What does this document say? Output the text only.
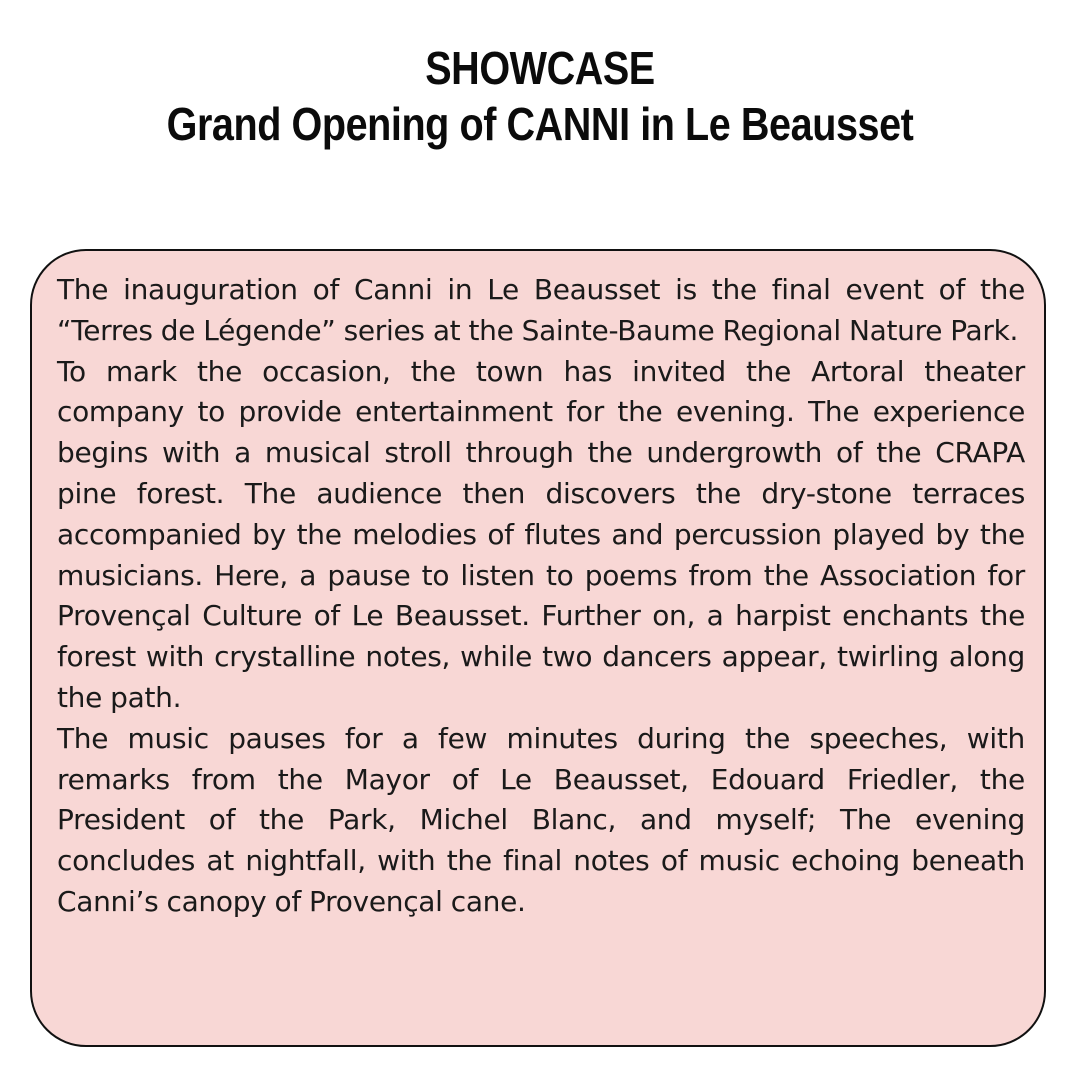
SHOWCASE
Grand Opening of CANNI in Le Beausset

The inauguration of Canni in Le Beausset is the final event of the “Terres de Légende” series at the Sainte-Baume Regional Nature Park.

To mark the occasion, the town has invited the Artoral theater company to provide entertainment for the evening. The experience begins with a musical stroll through the undergrowth of the CRAPA pine forest. The audience then discovers the dry-stone terraces accompanied by the melodies of flutes and percussion played by the musicians. Here, a pause to listen to poems from the Association for Provençal Culture of Le Beausset. Further on, a harpist enchants the forest with crystalline notes, while two dancers appear, twirling along the path.

The music pauses for a few minutes during the speeches, with remarks from the Mayor of Le Beausset, Edouard Friedler, the President of the Park, Michel Blanc, and myself; The evening concludes at nightfall, with the final notes of music echoing beneath Canni’s canopy of Provençal cane.
